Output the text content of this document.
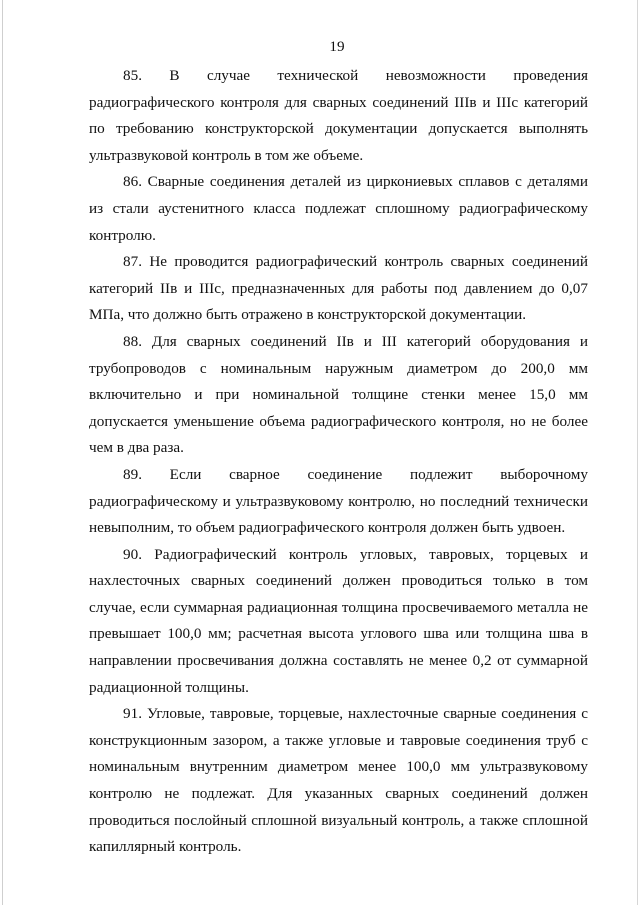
19

85. В случае технической невозможности проведения радиографического контроля для сварных соединений IIIв и IIIс категорий по требованию конструкторской документации допускается выполнять ультразвуковой контроль в том же объеме.

86. Сварные соединения деталей из циркониевых сплавов с деталями из стали аустенитного класса подлежат сплошному радиографическому контролю.

87. Не проводится радиографический контроль сварных соединений категорий IIв и IIIс, предназначенных для работы под давлением до 0,07 МПа, что должно быть отражено в конструкторской документации.

88. Для сварных соединений IIв и III категорий оборудования и трубопроводов с номинальным наружным диаметром до 200,0 мм включительно и при номинальной толщине стенки менее 15,0 мм допускается уменьшение объема радиографического контроля, но не более чем в два раза.

89. Если сварное соединение подлежит выборочному радиографическому и ультразвуковому контролю, но последний технически невыполним, то объем радиографического контроля должен быть удвоен.

90. Радиографический контроль угловых, тавровых, торцевых и нахлесточных сварных соединений должен проводиться только в том случае, если суммарная радиационная толщина просвечиваемого металла не превышает 100,0 мм; расчетная высота углового шва или толщина шва в направлении просвечивания должна составлять не менее 0,2 от суммарной радиационной толщины.

91. Угловые, тавровые, торцевые, нахлесточные сварные соединения с конструкционным зазором, а также угловые и тавровые соединения труб с номинальным внутренним диаметром менее 100,0 мм ультразвуковому контролю не подлежат. Для указанных сварных соединений должен проводиться послойный сплошной визуальный контроль, а также сплошной капиллярный контроль.
